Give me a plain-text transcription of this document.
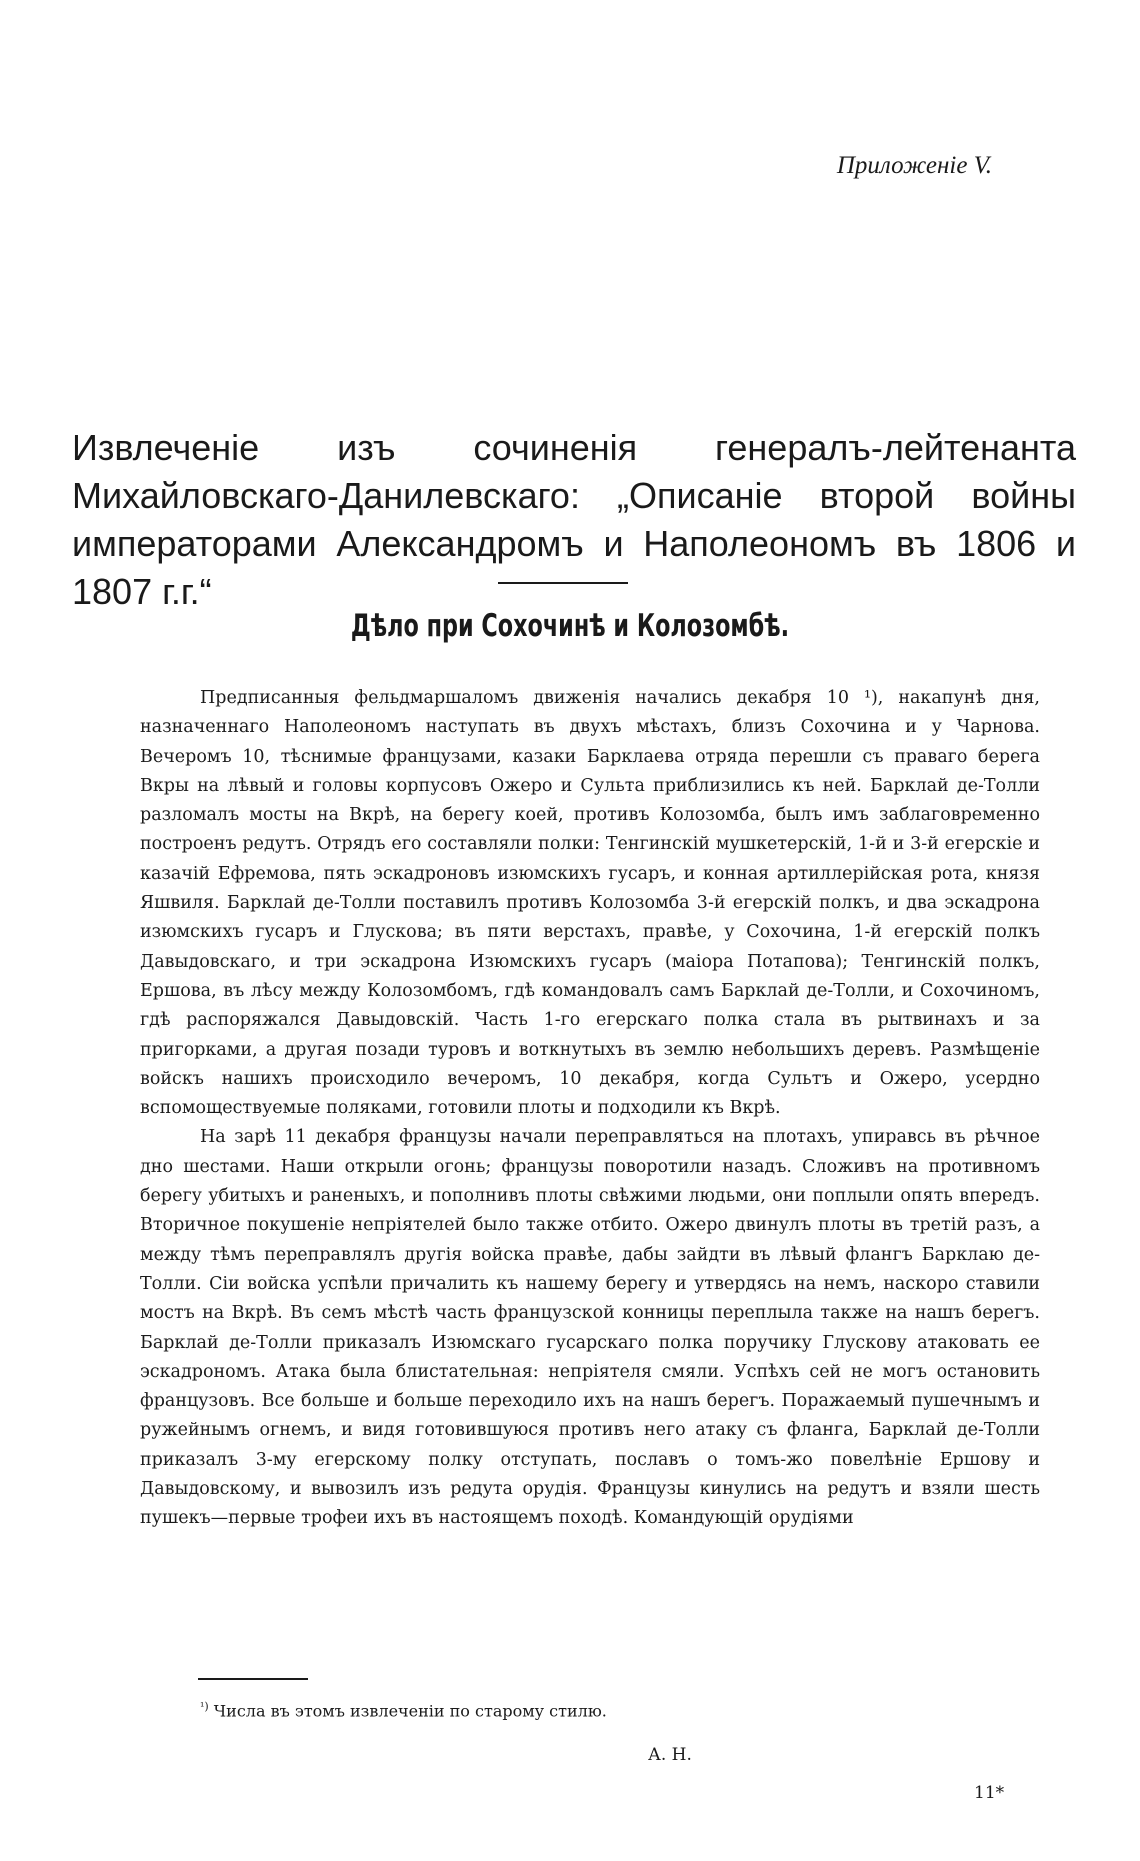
Приложенiе V.

Извлеченiе изъ сочиненiя генералъ-лейтенанта Михайловскаго-Данилевскаго: „Описанiе второй войны императорами Александромъ и Наполеономъ въ 1806 и 1807 г.г.“
Дѣло при Сохочинѣ и Колозомбѣ.

Предписанныя фельдмаршаломъ движенiя начались декабря 10 ¹), накапунѣ дня, назначеннаго Наполеономъ наступать въ двухъ мѣстахъ, близъ Сохочина и у Чарнова. Вечеромъ 10, тѣснимые французами, казаки Барклаева отряда перешли съ праваго берега Вкры на лѣвый и головы корпусовъ Ожеро и Сульта приблизились къ ней. Барклай де-Толли разломалъ мосты на Вкрѣ, на берегу коей, противъ Колозомба, былъ имъ заблаговременно построенъ редутъ. Отрядъ его составляли полки: Тенгинскiй мушкетерскiй, 1-й и 3-й егерскiе и казачiй Ефремова, пять эскадроновъ изюмскихъ гусаръ, и конная артиллерiйская рота, князя Яшвиля. Барклай де-Толли поставилъ противъ Колозомба 3-й егерскiй полкъ, и два эскадрона изюмскихъ гусаръ и Глускова; въ пяти верстахъ, правѣе, у Сохочина, 1-й егерскiй полкъ Давыдовскаго, и три эскадрона Изюмскихъ гусаръ (маiора Потапова); Тенгинскiй полкъ, Ершова, въ лѣсу между Колозомбомъ, гдѣ командовалъ самъ Барклай де-Толли, и Сохочиномъ, гдѣ распоряжался Давыдовскiй. Часть 1-го егерскаго полка стала въ рытвинахъ и за пригорками, а другая позади туровъ и воткнутыхъ въ землю небольшихъ деревъ. Размѣщенiе войскъ нашихъ происходило вечеромъ, 10 декабря, когда Сультъ и Ожеро, усердно вспомоществуемые поляками, готовили плоты и подходили къ Вкрѣ.

На зарѣ 11 декабря французы начали переправляться на плотахъ, упиравсь въ рѣчное дно шестами. Наши открыли огонь; французы поворотили назадъ. Сложивъ на противномъ берегу убитыхъ и раненыхъ, и пополнивъ плоты свѣжими людьми, они поплыли опять впередъ. Вторичное покушенiе непрiятелей было также отбито. Ожеро двинулъ плоты въ третiй разъ, а между тѣмъ переправлялъ другiя войска правѣе, дабы зайдти въ лѣвый флангъ Барклаю де-Толли. Сiи войска успѣли причалить къ нашему берегу и утвердясь на немъ, наскоро ставили мостъ на Вкрѣ. Въ семъ мѣстѣ часть французской конницы переплыла также на нашъ берегъ. Барклай де-Толли приказалъ Изюмскаго гусарскаго полка поручику Глускову атаковать ее эскадрономъ. Атака была блистательная: непрiятеля смяли. Успѣхъ сей не могъ остановить французовъ. Все больше и больше переходило ихъ на нашъ берегъ. Поражаемый пушечнымъ и ружейнымъ огнемъ, и видя готовившуюся противъ него атаку съ фланга, Барклай де-Толли приказалъ 3-му егерскому полку отступать, пославъ о томъ-жо повелѣнiе Ершову и Давыдовскому, и вывозилъ изъ редута орудiя. Французы кинулись на редутъ и взяли шесть пушекъ—первые трофеи ихъ въ настоящемъ походѣ. Командующiй орудiями

$^{^1)}$ Числа въ этомъ извлеченiи по старому стилю.

А. Н.

11*
